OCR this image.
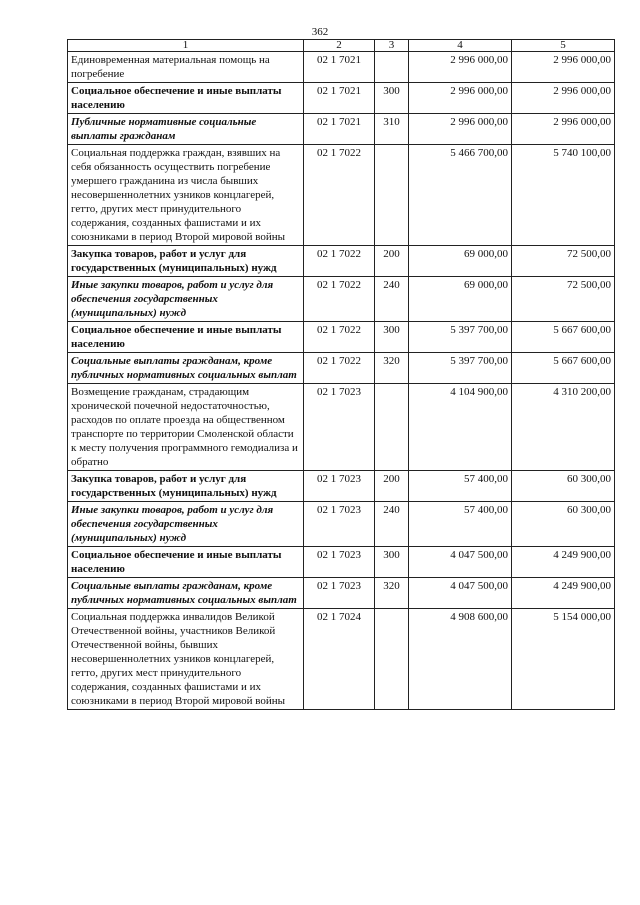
362
1	2	3	4	5
Единовременная материальная помощь на погребение	02 1 7021		2 996 000,00	2 996 000,00
Социальное обеспечение и иные выплаты населению	02 1 7021	300	2 996 000,00	2 996 000,00
Публичные нормативные социальные выплаты гражданам	02 1 7021	310	2 996 000,00	2 996 000,00
Социальная поддержка граждан, взявших на себя обязанность осуществить погребение умершего гражданина из числа бывших несовершеннолетних узников концлагерей, гетто, других мест принудительного содержания, созданных фашистами и их союзниками в период Второй мировой войны	02 1 7022		5 466 700,00	5 740 100,00
Закупка товаров, работ и услуг для государственных (муниципальных) нужд	02 1 7022	200	69 000,00	72 500,00
Иные закупки товаров, работ и услуг для обеспечения государственных (муниципальных) нужд	02 1 7022	240	69 000,00	72 500,00
Социальное обеспечение и иные выплаты населению	02 1 7022	300	5 397 700,00	5 667 600,00
Социальные выплаты гражданам, кроме публичных нормативных социальных выплат	02 1 7022	320	5 397 700,00	5 667 600,00
Возмещение гражданам, страдающим хронической почечной недостаточностью, расходов по оплате проезда на общественном транспорте по территории Смоленской области к месту получения программного гемодиализа и обратно	02 1 7023		4 104 900,00	4 310 200,00
Закупка товаров, работ и услуг для государственных (муниципальных) нужд	02 1 7023	200	57 400,00	60 300,00
Иные закупки товаров, работ и услуг для обеспечения государственных (муниципальных) нужд	02 1 7023	240	57 400,00	60 300,00
Социальное обеспечение и иные выплаты населению	02 1 7023	300	4 047 500,00	4 249 900,00
Социальные выплаты гражданам, кроме публичных нормативных социальных выплат	02 1 7023	320	4 047 500,00	4 249 900,00
Социальная поддержка инвалидов Великой Отечественной войны, участников Великой Отечественной войны, бывших несовершеннолетних узников концлагерей, гетто, других мест принудительного содержания, созданных фашистами и их союзниками в период Второй мировой войны	02 1 7024		4 908 600,00	5 154 000,00
